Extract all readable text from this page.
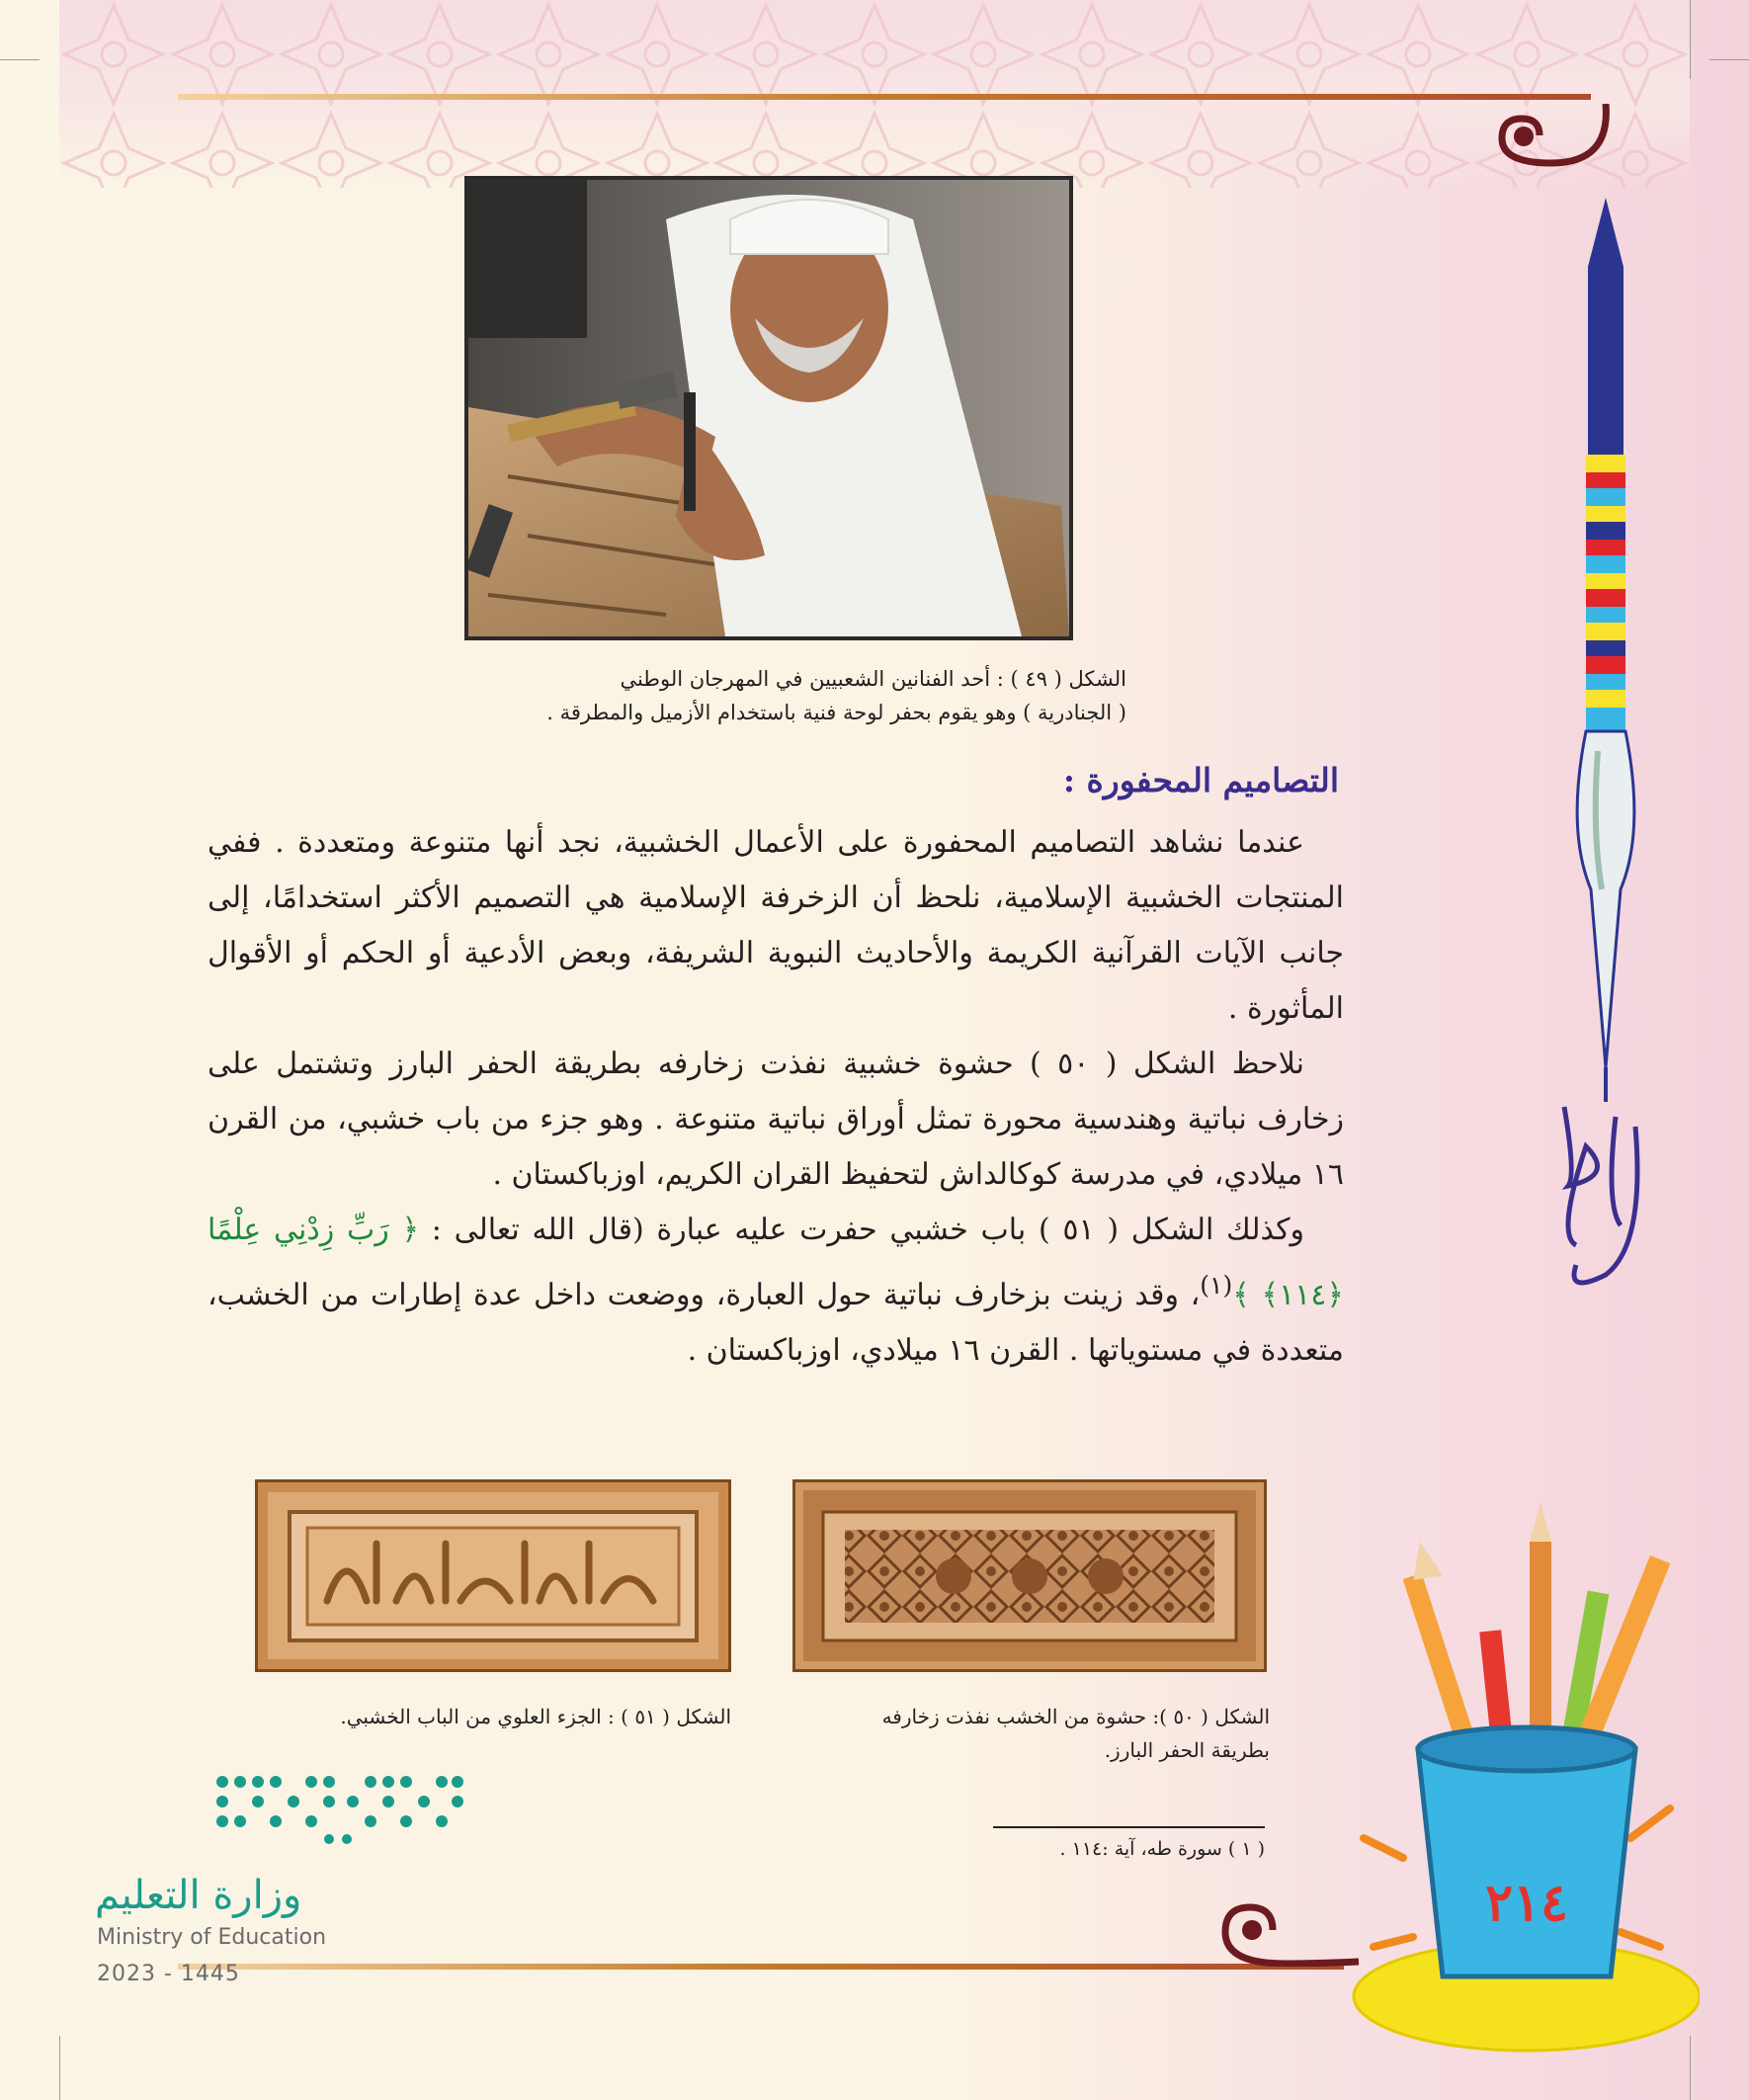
الشكل ( ٤٩ ) : أحد الفنانين الشعبيين في المهرجان الوطني
( الجنادرية ) وهو يقوم بحفر لوحة فنية باستخدام الأزميل والمطرقة .
التصاميم المحفورة :

عندما نشاهد التصاميم المحفورة على الأعمال الخشبية، نجد أنها متنوعة ومتعددة . ففي المنتجات الخشبية الإسلامية، نلحظ أن الزخرفة الإسلامية هي التصميم الأكثر استخدامًا، إلى جانب الآيات القرآنية الكريمة والأحاديث النبوية الشريفة، وبعض الأدعية أو الحكم أو الأقوال المأثورة .

نلاحظ الشكل ( ٥٠ ) حشوة خشبية نفذت زخارفه بطريقة الحفر البارز وتشتمل على زخارف نباتية وهندسية محورة تمثل أوراق نباتية متنوعة . وهو جزء من باب خشبي، من القرن ١٦ ميلادي، في مدرسة كوكالداش لتحفيظ القران الكريم، اوزباكستان .

وكذلك الشكل ( ٥١ ) باب خشبي حفرت عليه عبارة (قال الله تعالى : ﴿ رَبِّ زِدْنِي عِلْمًا ﴿١١٤﴾ ﴾$^{(١)}$، وقد زينت بزخارف نباتية حول العبارة، ووضعت داخل عدة إطارات من الخشب، متعددة في مستوياتها . القرن ١٦ ميلادي، اوزباكستان .

الشكل ( ٥٠ ): حشوة من الخشب نفذت زخارفه
بطريقة الحفر البارز.
الشكل ( ٥١ ) : الجزء العلوي من الباب الخشبي.
( ١ ) سورة طه، آية :١١٤ .
وزارة التعليم
Ministry of Education
2023 - 1445
٢١٤
